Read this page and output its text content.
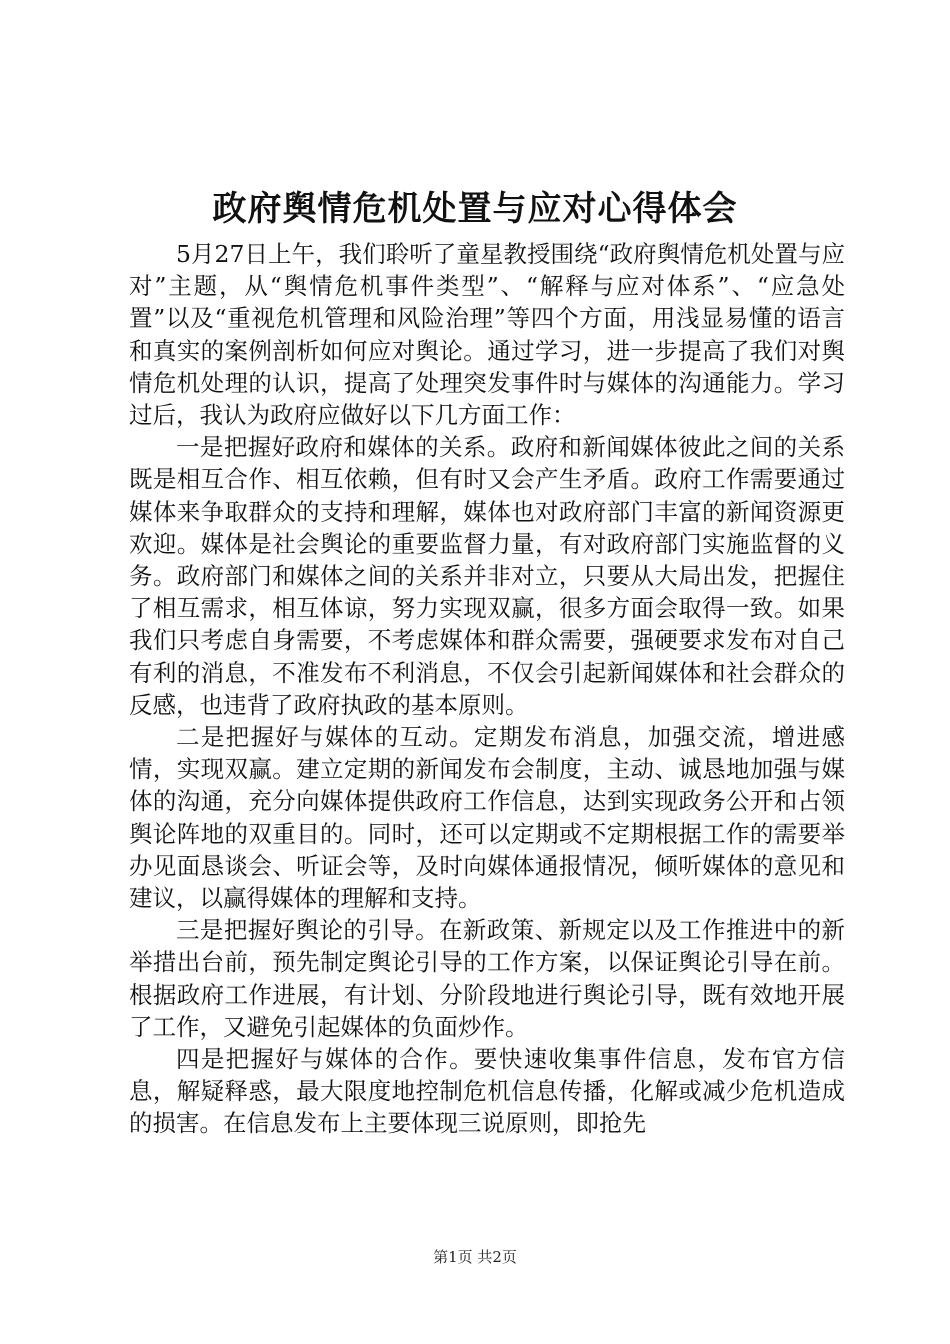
政府舆情危机处置与应对心得体会

5月27日上午，我们聆听了童星教授围绕“政府舆情危机处置与应对”主题，从“舆情危机事件类型”、“解释与应对体系”、“应急处置”以及“重视危机管理和风险治理”等四个方面，用浅显易懂的语言和真实的案例剖析如何应对舆论。通过学习，进一步提高了我们对舆情危机处理的认识，提高了处理突发事件时与媒体的沟通能力。学习过后，我认为政府应做好以下几方面工作：

一是把握好政府和媒体的关系。政府和新闻媒体彼此之间的关系既是相互合作、相互依赖，但有时又会产生矛盾。政府工作需要通过媒体来争取群众的支持和理解，媒体也对政府部门丰富的新闻资源更欢迎。媒体是社会舆论的重要监督力量，有对政府部门实施监督的义务。政府部门和媒体之间的关系并非对立，只要从大局出发，把握住了相互需求，相互体谅，努力实现双赢，很多方面会取得一致。如果我们只考虑自身需要，不考虑媒体和群众需要，强硬要求发布对自己有利的消息，不准发布不利消息，不仅会引起新闻媒体和社会群众的反感，也违背了政府执政的基本原则。

二是把握好与媒体的互动。定期发布消息，加强交流，增进感情，实现双赢。建立定期的新闻发布会制度，主动、诚恳地加强与媒体的沟通，充分向媒体提供政府工作信息，达到实现政务公开和占领舆论阵地的双重目的。同时，还可以定期或不定期根据工作的需要举办见面恳谈会、听证会等，及时向媒体通报情况，倾听媒体的意见和建议，以赢得媒体的理解和支持。

三是把握好舆论的引导。在新政策、新规定以及工作推进中的新举措出台前，预先制定舆论引导的工作方案，以保证舆论引导在前。根据政府工作进展，有计划、分阶段地进行舆论引导，既有效地开展了工作，又避免引起媒体的负面炒作。

四是把握好与媒体的合作。要快速收集事件信息，发布官方信息，解疑释惑，最大限度地控制危机信息传播，化解或减少危机造成的损害。在信息发布上主要体现三说原则，即抢先

第1页 共2页
